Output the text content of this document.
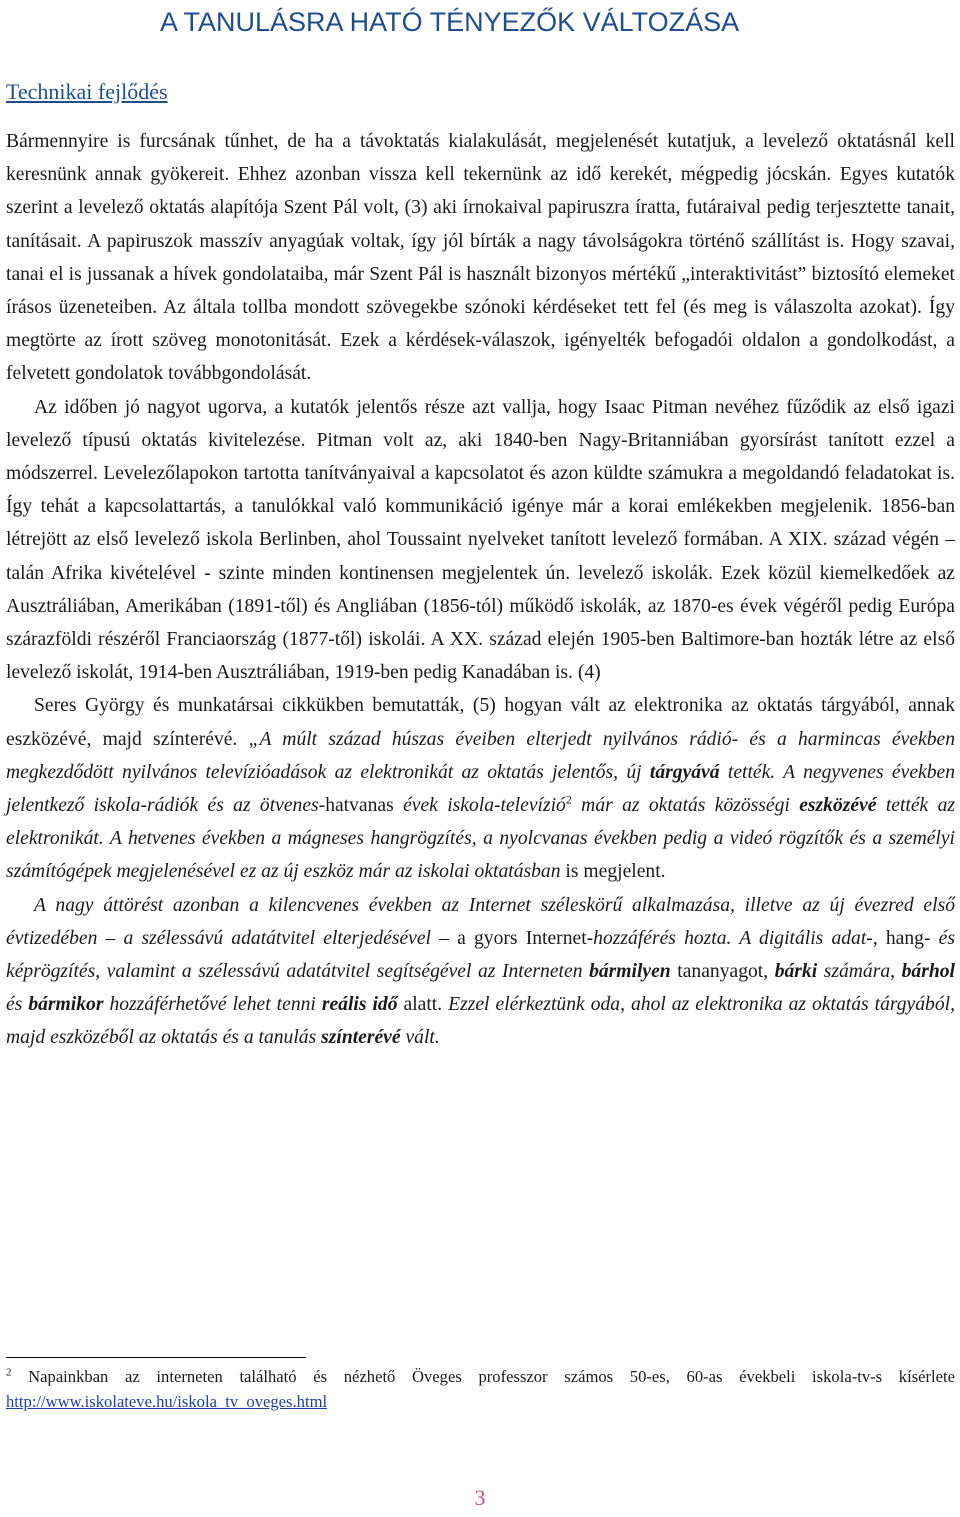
A TANULÁSRA HATÓ TÉNYEZŐK VÁLTOZÁSA
Technikai fejlődés

Bármennyire is furcsának tűnhet, de ha a távoktatás kialakulását, megjelenését kutatjuk, a levelező oktatásnál kell keresnünk annak gyökereit. Ehhez azonban vissza kell tekernünk az idő kerekét, mégpedig jócskán. Egyes kutatók szerint a levelező oktatás alapítója Szent Pál volt, (3) aki írnokaival papiruszra íratta, futáraival pedig terjesztette tanait, tanításait. A papiruszok masszív anyagúak voltak, így jól bírták a nagy távolságokra történő szállítást is. Hogy szavai, tanai el is jussanak a hívek gondolataiba, már Szent Pál is használt bizonyos mértékű „interaktivitást” biztosító elemeket írásos üzeneteiben. Az általa tollba mondott szövegekbe szónoki kérdéseket tett fel (és meg is válaszolta azokat). Így megtörte az írott szöveg monotonitását. Ezek a kérdések-válaszok, igényelték befogadói oldalon a gondolkodást, a felvetett gondolatok továbbgondolását.

Az időben jó nagyot ugorva, a kutatók jelentős része azt vallja, hogy Isaac Pitman nevéhez fűződik az első igazi levelező típusú oktatás kivitelezése. Pitman volt az, aki 1840-ben Nagy-Britanniában gyorsírást tanított ezzel a módszerrel. Levelezőlapokon tartotta tanítványaival a kapcsolatot és azon küldte számukra a megoldandó feladatokat is. Így tehát a kapcsolattartás, a tanulókkal való kommunikáció igénye már a korai emlékekben megjelenik. 1856-ban létrejött az első levelező iskola Berlinben, ahol Toussaint nyelveket tanított levelező formában. A XIX. század végén – talán Afrika kivételével - szinte minden kontinensen megjelentek ún. levelező iskolák. Ezek közül kiemelkedőek az Ausztráliában, Amerikában (1891-től) és Angliában (1856-tól) működő iskolák, az 1870-es évek végéről pedig Európa szárazföldi részéről Franciaország (1877-től) iskolái. A XX. század elején 1905-ben Baltimore-ban hozták létre az első levelező iskolát, 1914-ben Ausztráliában, 1919-ben pedig Kanadában is. (4)

Seres György és munkatársai cikkükben bemutatták, (5) hogyan vált az elektronika az oktatás tárgyából, annak eszközévé, majd színterévé. „A múlt század húszas éveiben elterjedt nyilvános rádió- és a harmincas években megkezdődött nyilvános televízióadások az elektronikát az oktatás jelentős, új tárgyává tették. A negyvenes években jelentkező iskola-rádiók és az ötvenes-hatvanas évek iskola-televízió$^2$ már az oktatás közösségi eszközévé tették az elektronikát. A hetvenes években a mágneses hangrögzítés, a nyolcvanas években pedig a videó rögzítők és a személyi számítógépek megjelenésével ez az új eszköz már az iskolai oktatásban is megjelent.

A nagy áttörést azonban a kilencvenes években az Internet széleskörű alkalmazása, illetve az új évezred első évtizedében – a szélessávú adatátvitel elterjedésével – a gyors Internet-hozzáférés hozta. A digitális adat-, hang- és képrögzítés, valamint a szélessávú adatátvitel segítségével az Interneten bármilyen tananyagot, bárki számára, bárhol és bármikor hozzáférhetővé lehet tenni reális idő alatt. Ezzel elérkeztünk oda, ahol az elektronika az oktatás tárgyából, majd eszközéből az oktatás és a tanulás színterévé vált.

$^2$ Napainkban az interneten található és nézhető Öveges professzor számos 50-es, 60-as évekbeli iskola-tv-s kísérlete http://www.iskolateve.hu/iskola_tv_oveges.html
3
